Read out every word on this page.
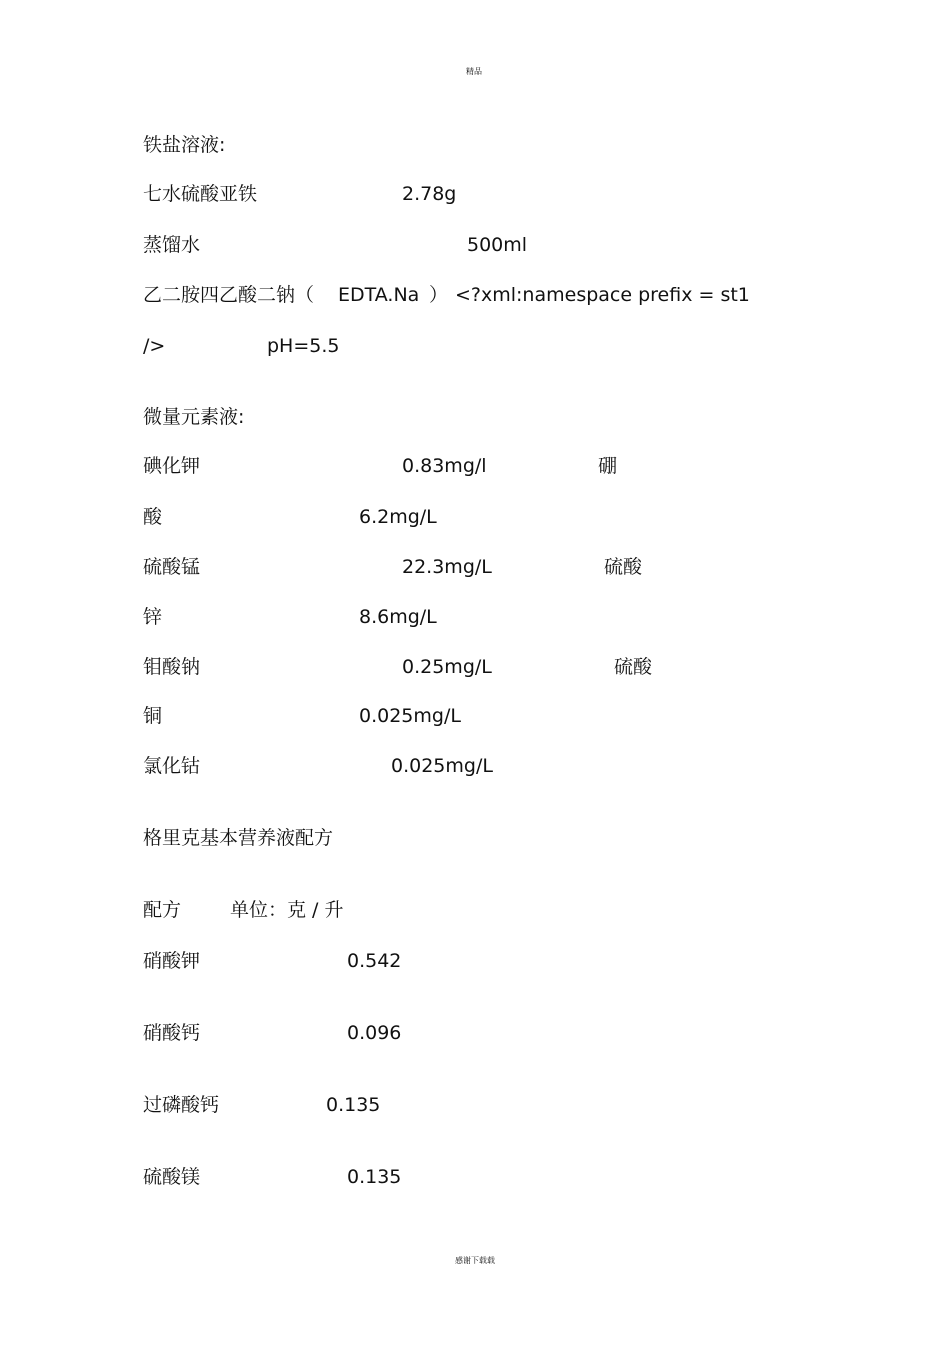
精品
铁盐溶液:
七水硫酸亚铁	2.78g
蒸馏水	500ml
乙二胺四乙酸二钠（ EDTA.Na ） <?xml:namespace prefix = st1
/>	pH=5.5
微量元素液:
碘化钾	0.83mg/l	硼
酸	6.2mg/L
硫酸锰	22.3mg/L	硫酸
锌	8.6mg/L
钼酸钠	0.25mg/L	硫酸
铜	0.025mg/L
氯化钴	0.025mg/L
格里克基本营养液配方
配方	单位：克 / 升
硝酸钾	0.542
硝酸钙	0.096
过磷酸钙	0.135
硫酸镁	0.135
感谢下载载
